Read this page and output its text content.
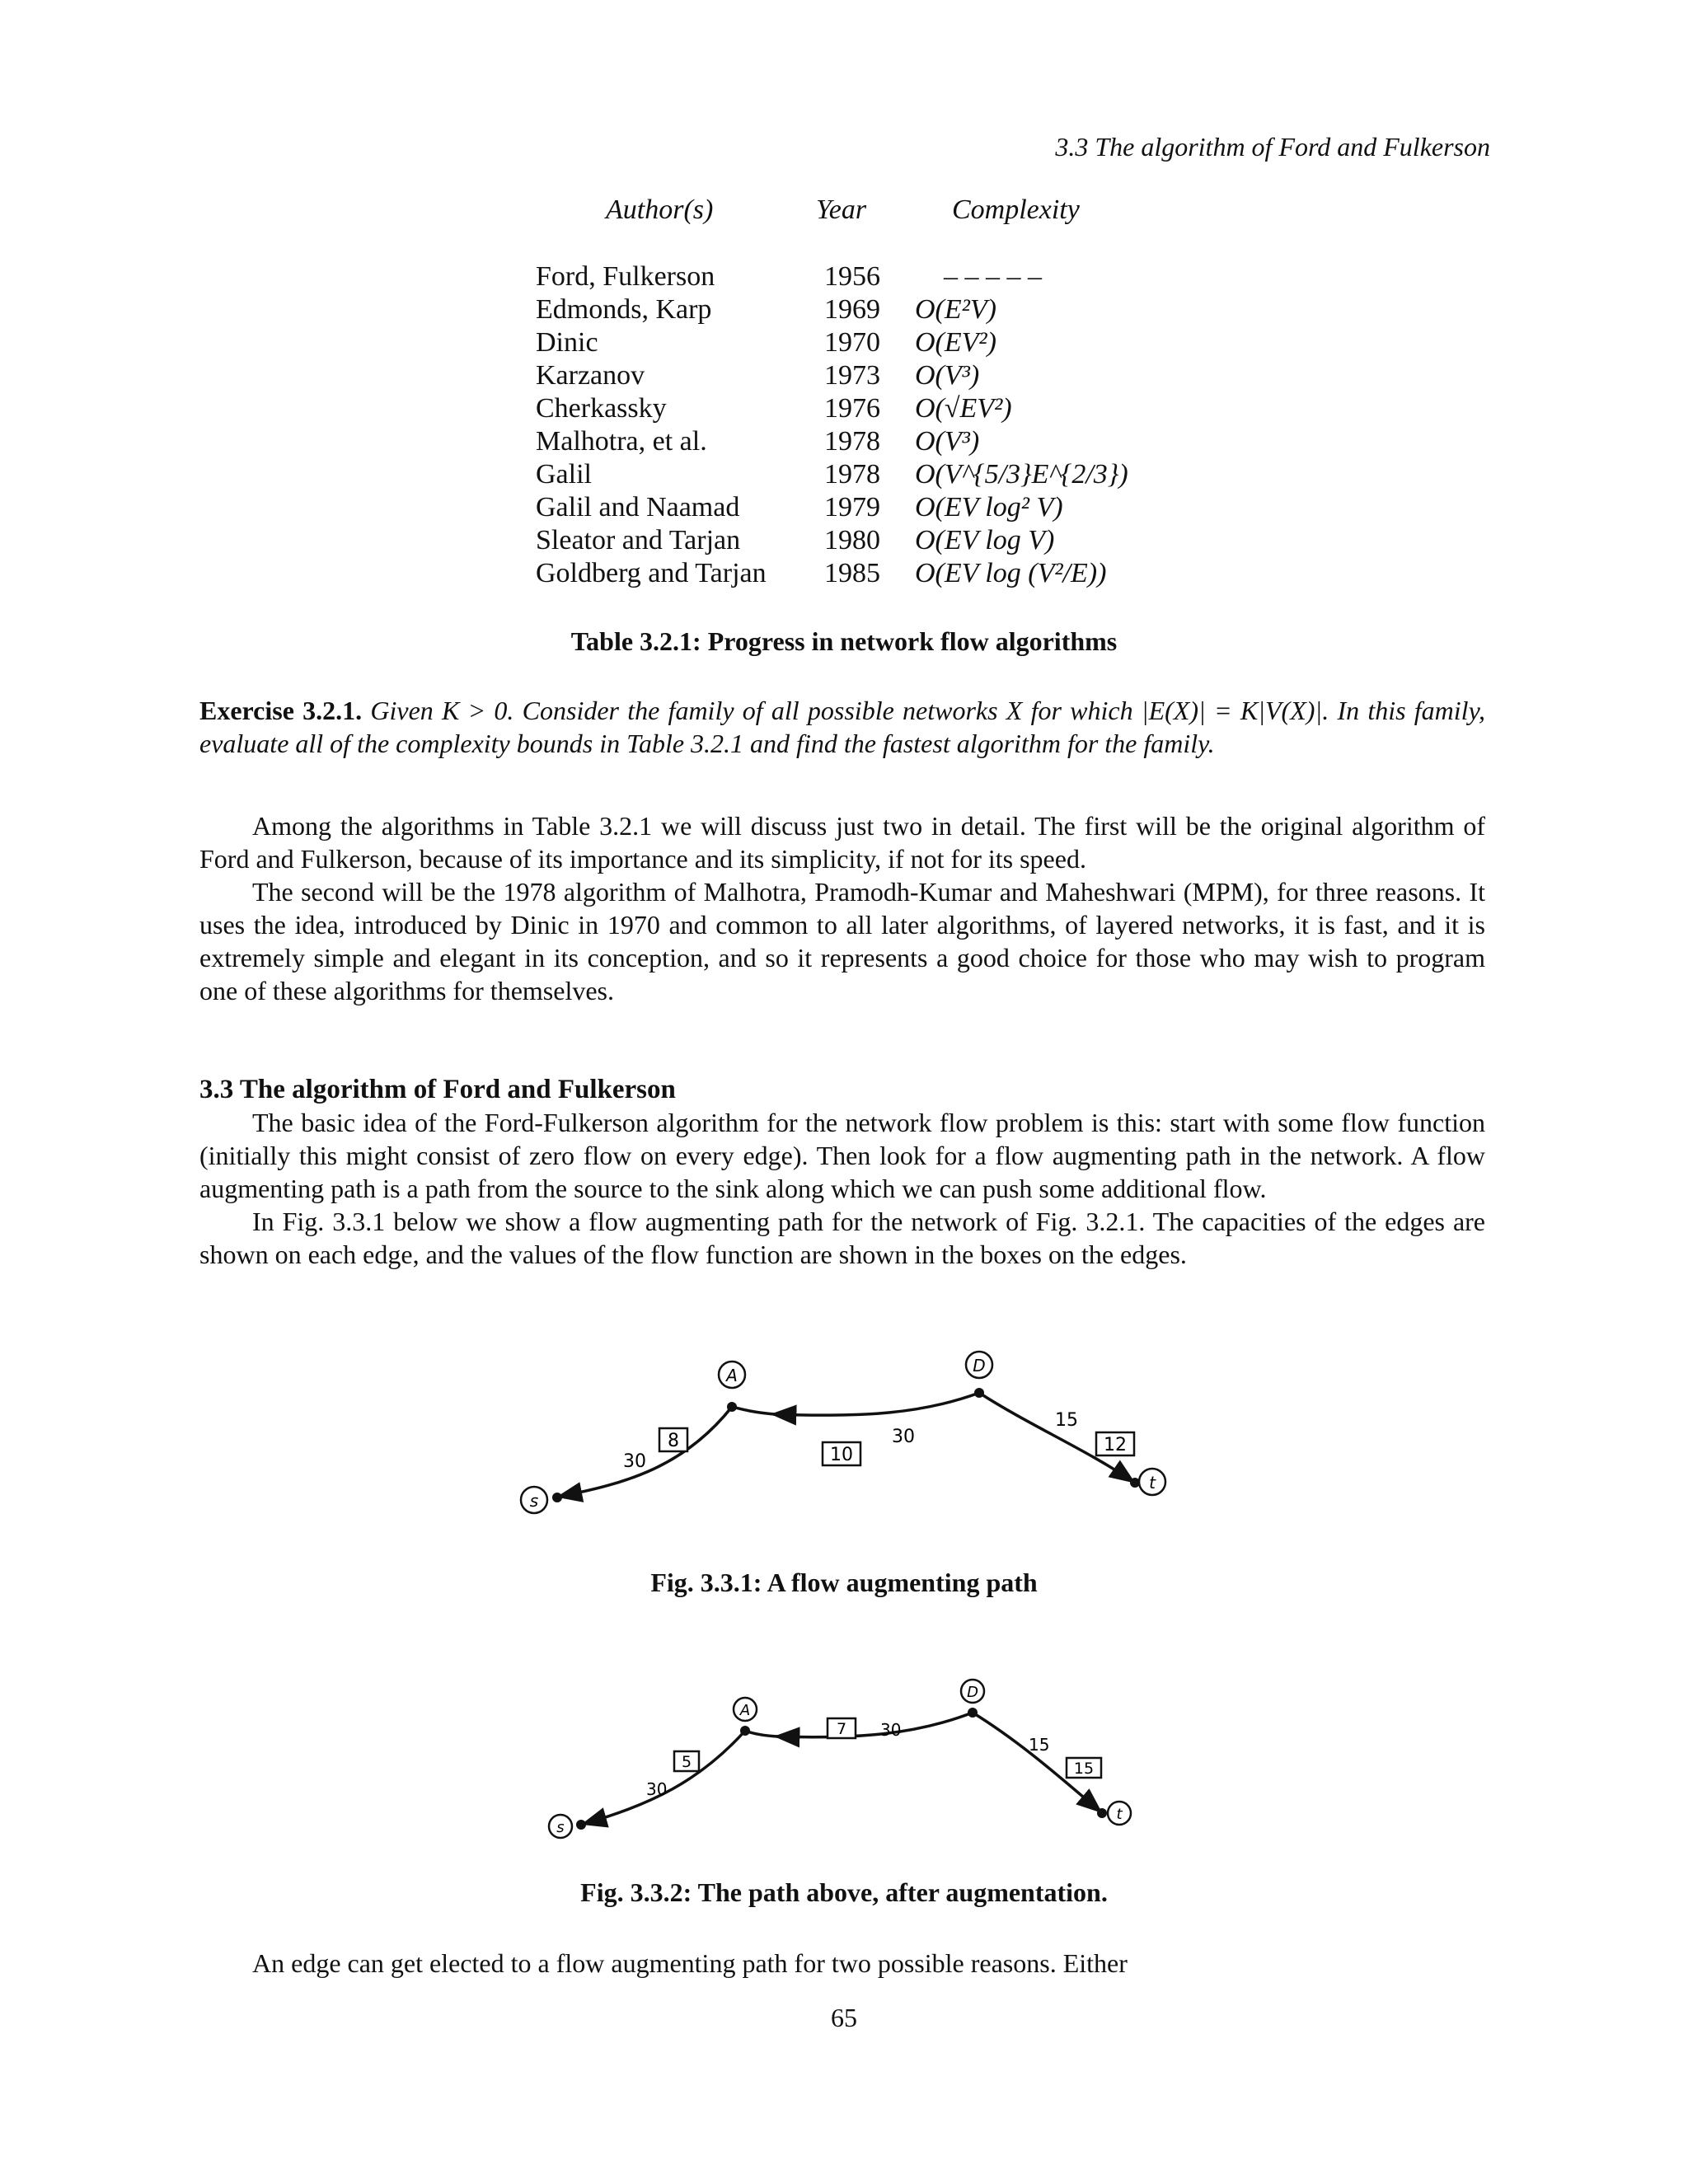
3.3 The algorithm of Ford and Fulkerson
Author(s)	Year	Complexity
Ford, Fulkerson	1956 – – – – –
Edmonds, Karp	1969 O(E²V)
Dinic	1970 O(EV²)
Karzanov	1973 O(V³)
Cherkassky	1976 O(√EV²)
Malhotra, et al.	1978 O(V³)
Galil	1978 O(V^{5/3}E^{2/3})
Galil and Naamad	1979 O(EV log² V)
Sleator and Tarjan	1980 O(EV log V)
Goldberg and Tarjan 1985 O(EV log (V²/E))
Table 3.2.1: Progress in network flow algorithms

Exercise 3.2.1. Given K > 0. Consider the family of all possible networks X for which |E(X)| = K|V(X)|. In this family, evaluate all of the complexity bounds in Table 3.2.1 and find the fastest algorithm for the family.

Among the algorithms in Table 3.2.1 we will discuss just two in detail. The first will be the original algorithm of Ford and Fulkerson, because of its importance and its simplicity, if not for its speed.

The second will be the 1978 algorithm of Malhotra, Pramodh-Kumar and Maheshwari (MPM), for three reasons. It uses the idea, introduced by Dinic in 1970 and common to all later algorithms, of layered networks, it is fast, and it is extremely simple and elegant in its conception, and so it represents a good choice for those who may wish to program one of these algorithms for themselves.

3.3 The algorithm of Ford and Fulkerson

The basic idea of the Ford-Fulkerson algorithm for the network flow problem is this: start with some flow function (initially this might consist of zero flow on every edge). Then look for a flow augmenting path in the network. A flow augmenting path is a path from the source to the sink along which we can push some additional flow.

In Fig. 3.3.1 below we show a flow augmenting path for the network of Fig. 3.2.1. The capacities of the edges are shown on each edge, and the values of the flow function are shown in the boxes on the edges.

A	D
t
s
30
30
15
8
10	12
Fig. 3.3.1: A flow augmenting path
A
D
t
s
30
30
15
5
7
15
Fig. 3.3.2: The path above, after augmentation.

An edge can get elected to a flow augmenting path for two possible reasons. Either

65
